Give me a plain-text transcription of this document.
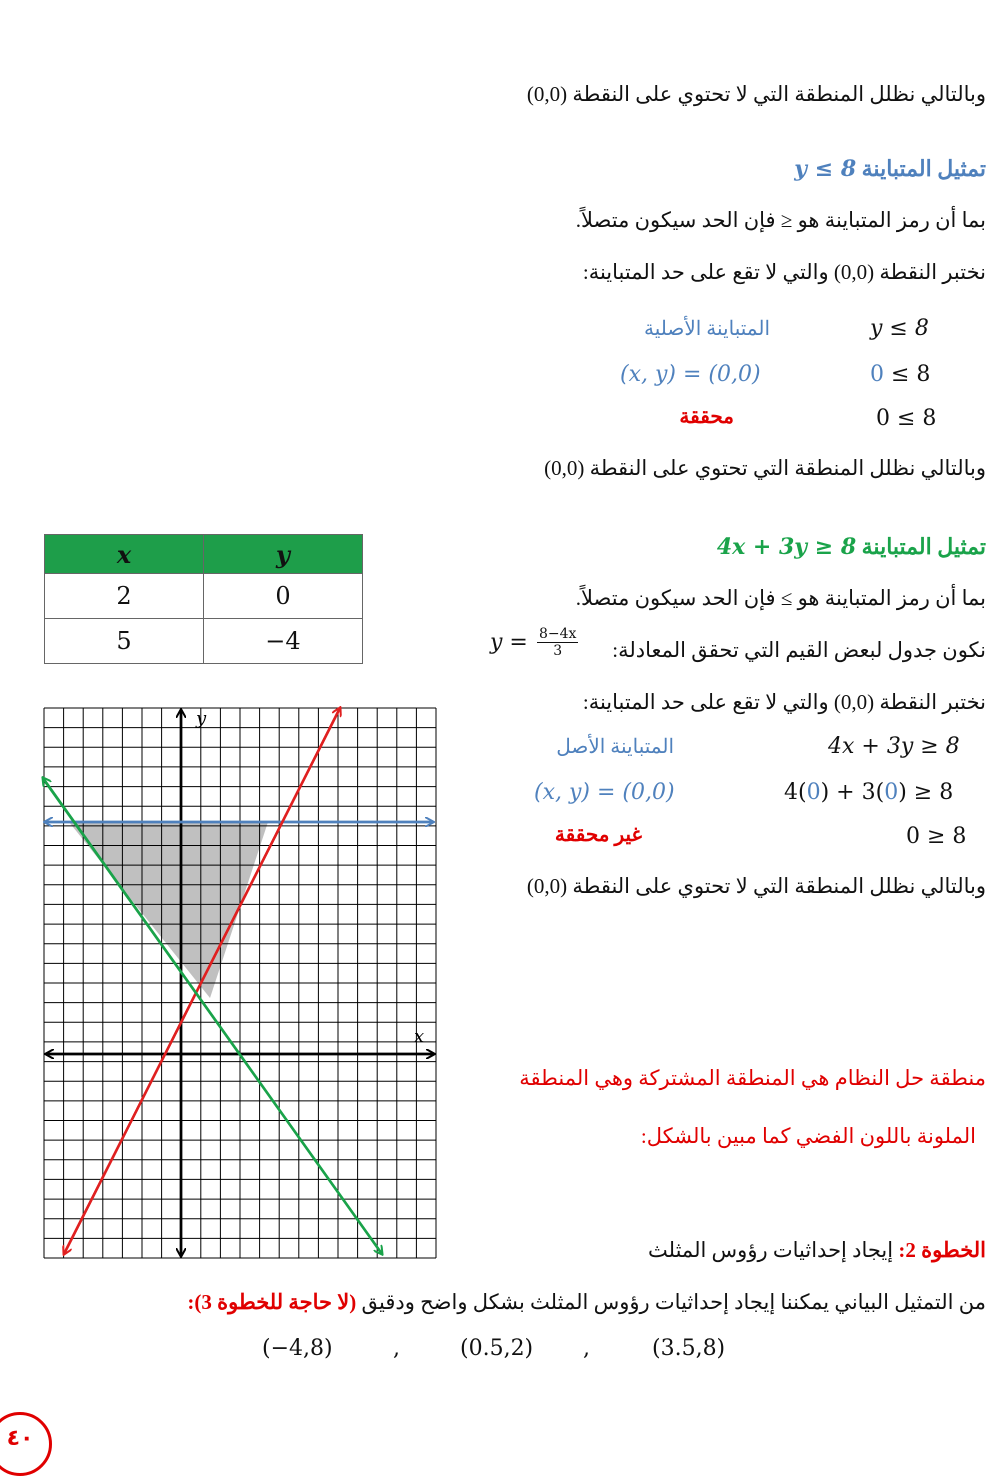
وبالتالي نظلل المنطقة التي لا تحتوي على النقطة (0,0)
تمثيل المتباينة y ≤ 8
بما أن رمز المتباينة هو ≤ فإن الحد سيكون متصلاً.
نختبر النقطة (0,0) والتي لا تقع على حد المتباينة:
المتباينة الأصلية	y ≤ 8
(x, y) = (0,0)	0 ≤ 8
محققة	0 ≤ 8
وبالتالي نظلل المنطقة التي تحتوي على النقطة (0,0)
تمثيل المتباينة 4x + 3y ≥ 8
بما أن رمز المتباينة هو ≥ فإن الحد سيكون متصلاً.
نكون جدول لبعض القيم التي تحقق المعادلة:
$y = \frac{8-4x}{3}$
نختبر النقطة (0,0) والتي لا تقع على حد المتباينة:
المتباينة الأصل	4x + 3y ≥ 8
(x, y) = (0,0)	4(0) + 3(0) ≥ 8
غير محققة	0 ≥ 8
وبالتالي نظلل المنطقة التي لا تحتوي على النقطة (0,0)
x	y
2	0
5	−4
x
y
منطقة حل النظام هي المنطقة المشتركة وهي المنطقة
الملونة باللون الفضي كما مبين بالشكل:
الخطوة 2: إيجاد إحداثيات رؤوس المثلث
من التمثيل البياني يمكننا إيجاد إحداثيات رؤوس المثلث بشكل واضح ودقيق (لا حاجة للخطوة 3):
(−4,8)	,	(0.5,2) ,	(3.5,8)
٤٠
